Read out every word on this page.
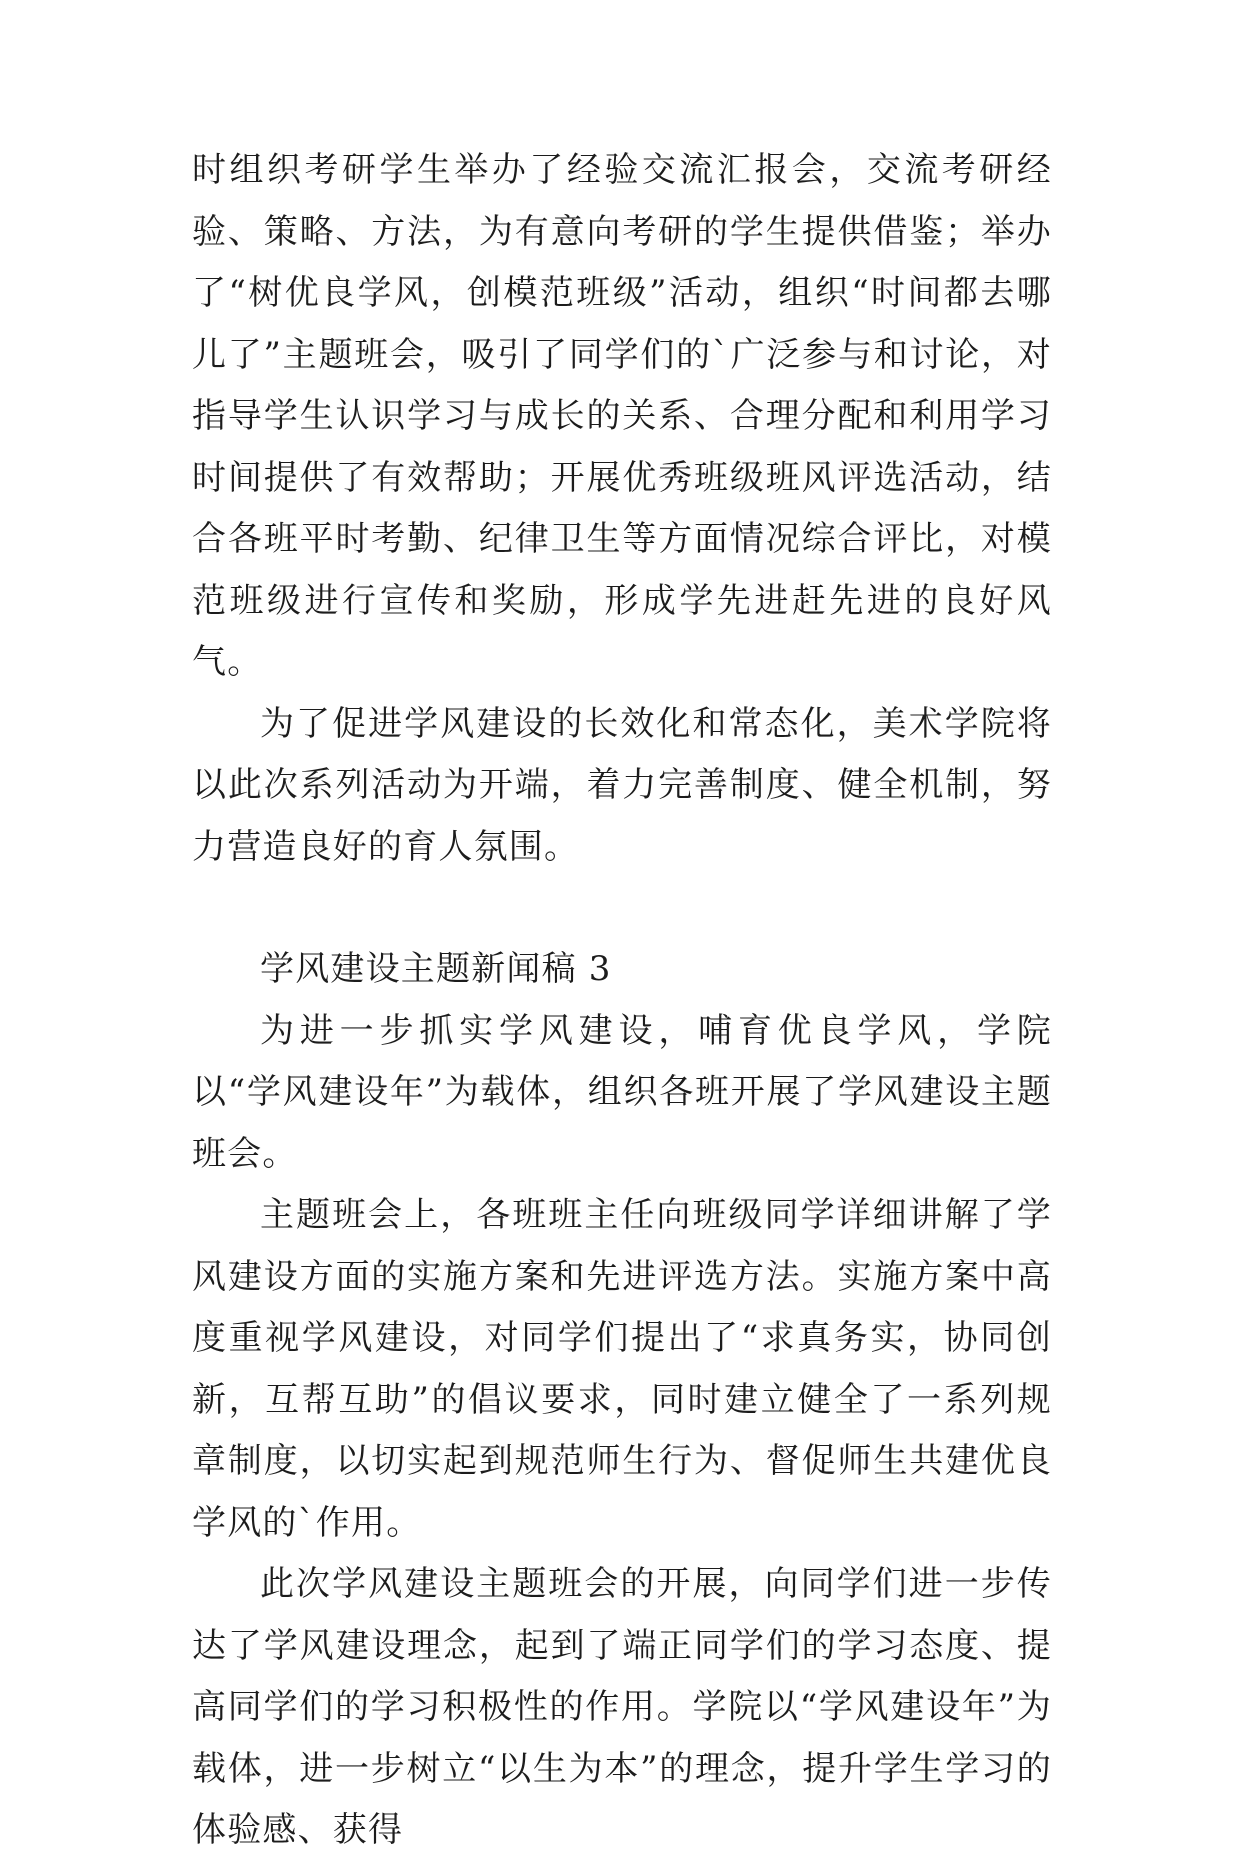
时组织考研学生举办了经验交流汇报会，交流考研经验、策略、方法，为有意向考研的学生提供借鉴；举办了“树优良学风，创模范班级”活动，组织“时间都去哪儿了”主题班会，吸引了同学们的`广泛参与和讨论，对指导学生认识学习与成长的关系、合理分配和利用学习时间提供了有效帮助；开展优秀班级班风评选活动，结合各班平时考勤、纪律卫生等方面情况综合评比，对模范班级进行宣传和奖励，形成学先进赶先进的良好风气。

为了促进学风建设的长效化和常态化，美术学院将以此次系列活动为开端，着力完善制度、健全机制，努力营造良好的育人氛围。

学风建设主题新闻稿 3

为进一步抓实学风建设，哺育优良学风，学院以“学风建设年”为载体，组织各班开展了学风建设主题班会。

主题班会上，各班班主任向班级同学详细讲解了学风建设方面的实施方案和先进评选方法。实施方案中高度重视学风建设，对同学们提出了“求真务实，协同创新，互帮互助”的倡议要求，同时建立健全了一系列规章制度，以切实起到规范师生行为、督促师生共建优良学风的`作用。

此次学风建设主题班会的开展，向同学们进一步传达了学风建设理念，起到了端正同学们的学习态度、提高同学们的学习积极性的作用。学院以“学风建设年”为载体，进一步树立“以生为本”的理念，提升学生学习的体验感、获得
